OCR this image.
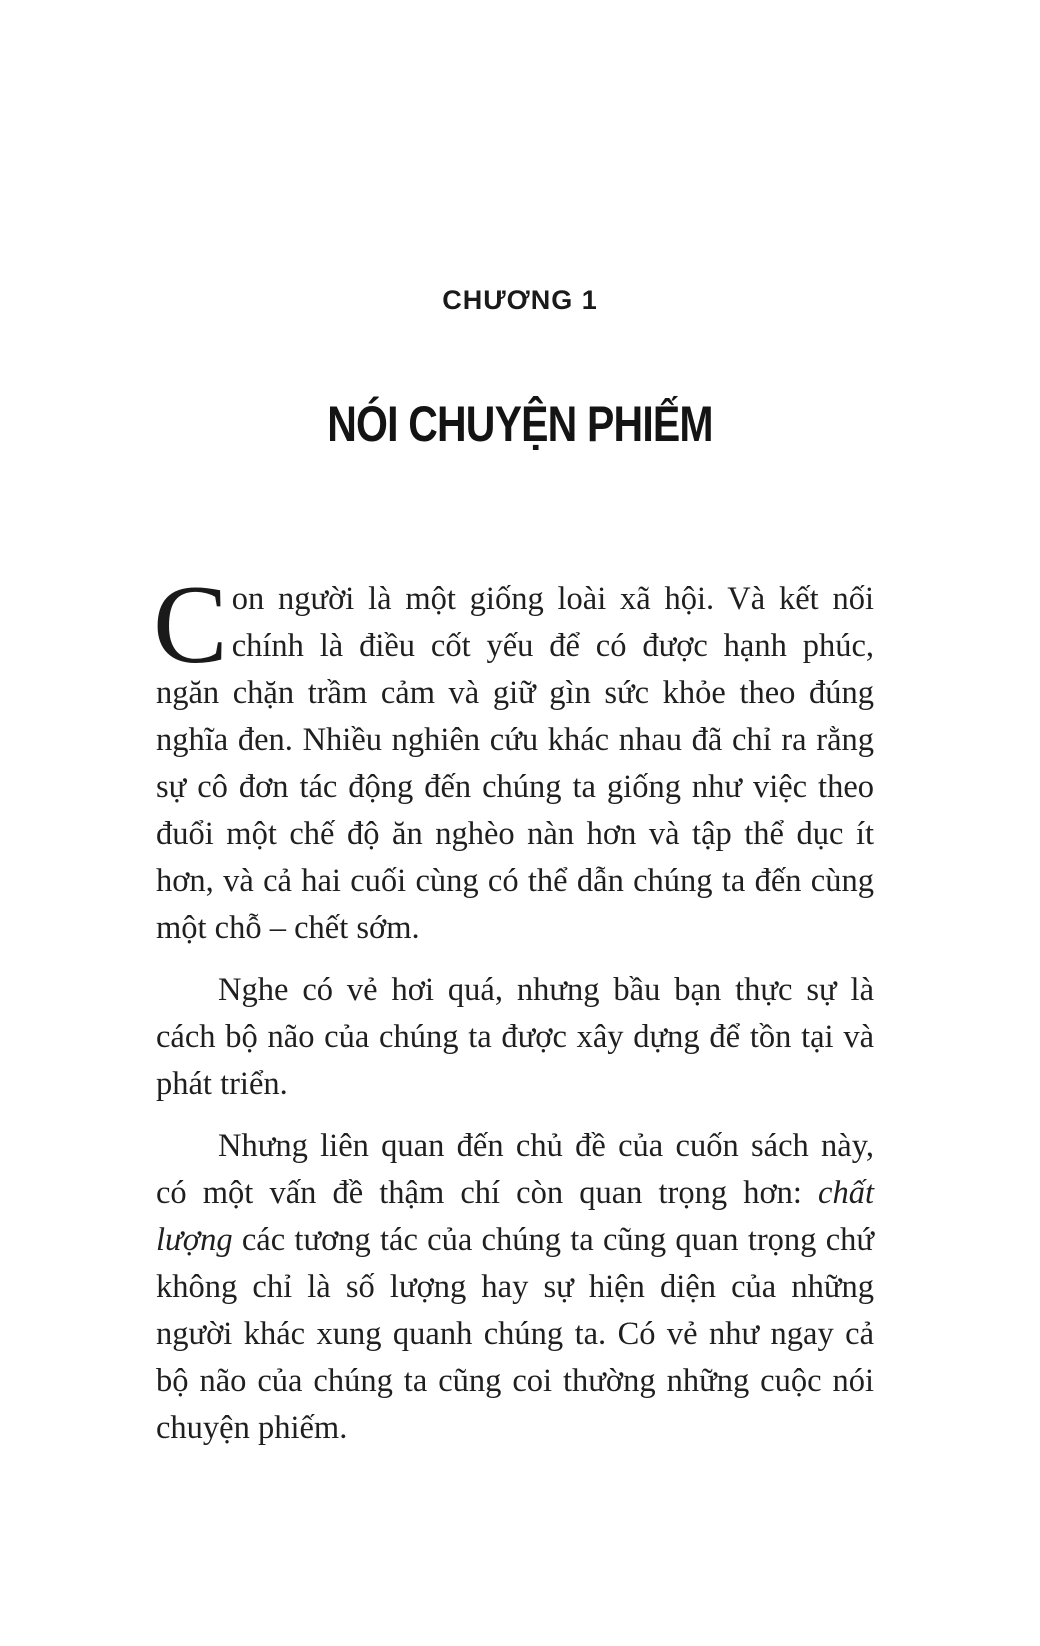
CHƯƠNG 1
NÓI CHUYỆN PHIẾM

Con người là một giống loài xã hội. Và kết nối chính là điều cốt yếu để có được hạnh phúc, ngăn chặn trầm cảm và giữ gìn sức khỏe theo đúng nghĩa đen. Nhiều nghiên cứu khác nhau đã chỉ ra rằng sự cô đơn tác động đến chúng ta giống như việc theo đuổi một chế độ ăn nghèo nàn hơn và tập thể dục ít hơn, và cả hai cuối cùng có thể dẫn chúng ta đến cùng một chỗ – chết sớm.

Nghe có vẻ hơi quá, nhưng bầu bạn thực sự là cách bộ não của chúng ta được xây dựng để tồn tại và phát triển.

Nhưng liên quan đến chủ đề của cuốn sách này, có một vấn đề thậm chí còn quan trọng hơn: chất lượng các tương tác của chúng ta cũng quan trọng chứ không chỉ là số lượng hay sự hiện diện của những người khác xung quanh chúng ta. Có vẻ như ngay cả bộ não của chúng ta cũng coi thường những cuộc nói chuyện phiếm.
